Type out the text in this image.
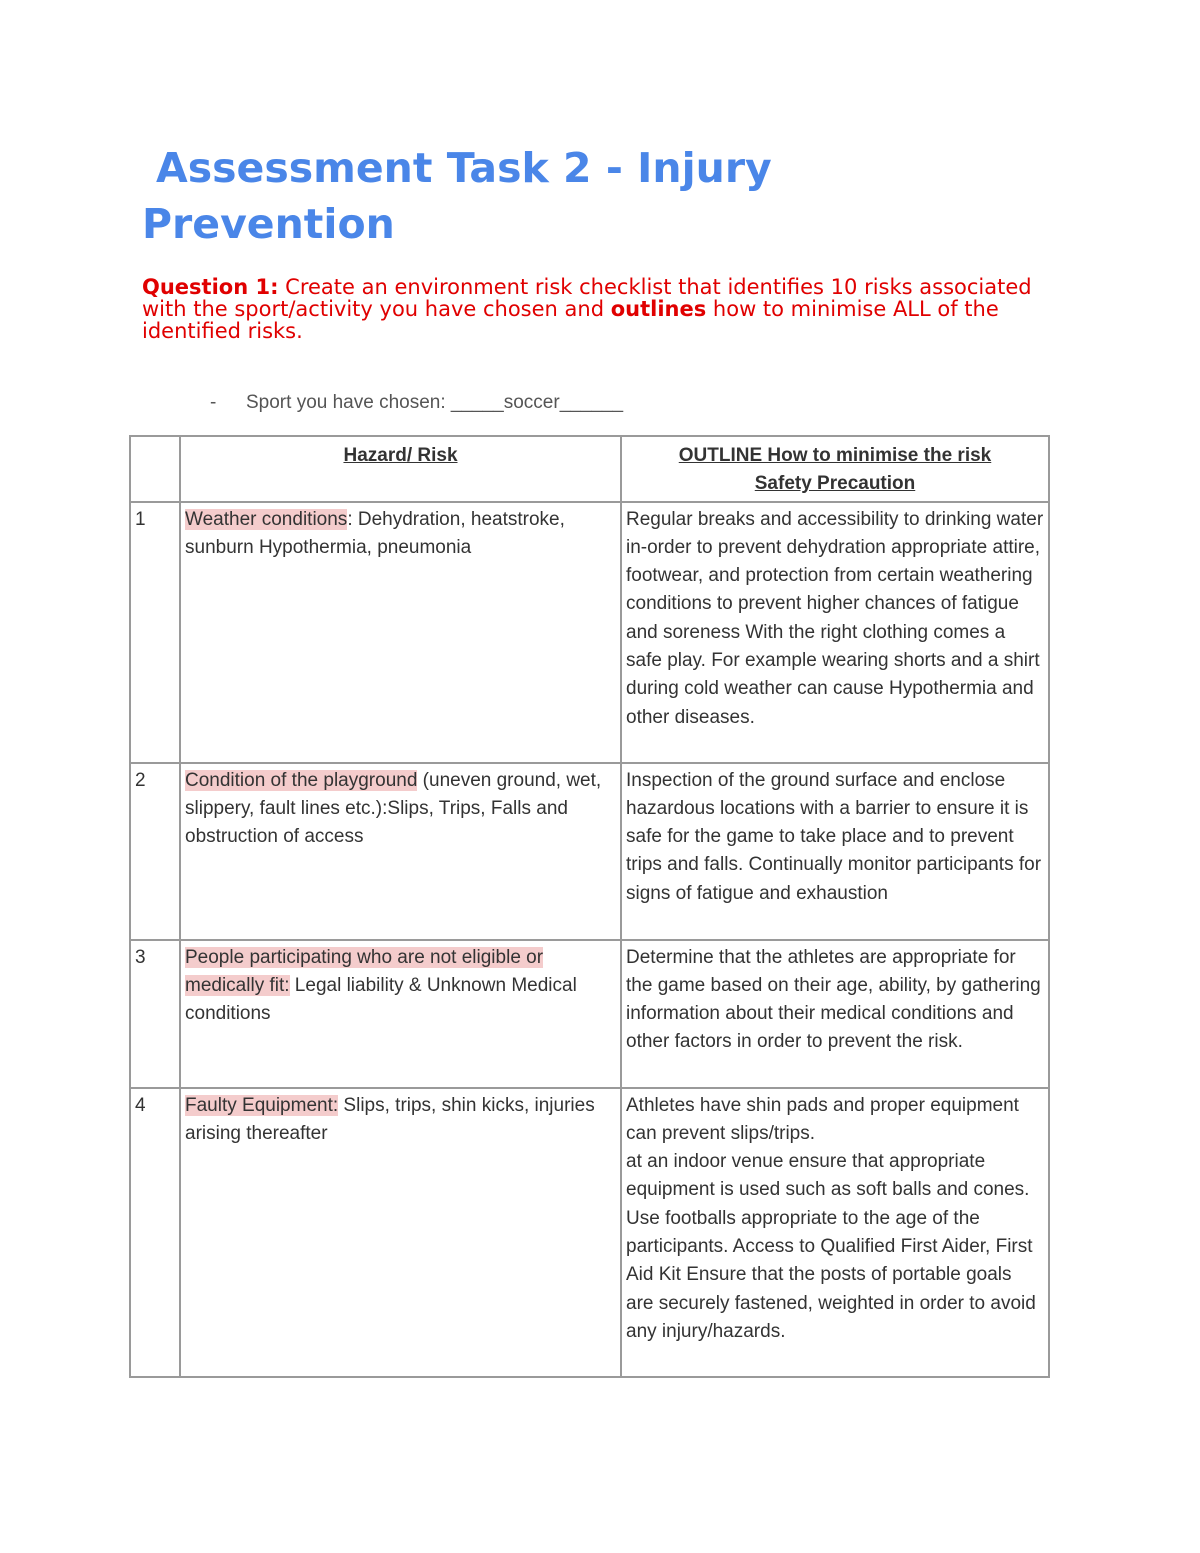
Assessment Task 2 - Injury
Prevention

Question 1: Create an environment risk checklist that identifies 10 risks associated with the sport/activity you have chosen and outlines how to minimise ALL of the identified risks.

- Sport you have chosen: _____soccer______
	Hazard/ Risk	OUTLINE How to minimise the risk
Safety Precaution
1	Weather conditions: Dehydration, heatstroke, sunburn Hypothermia, pneumonia	Regular breaks and accessibility to drinking water in-order to prevent dehydration appropriate attire, footwear, and protection from certain weathering conditions to prevent higher chances of fatigue and soreness With the right clothing comes a safe play. For example wearing shorts and a shirt during cold weather can cause Hypothermia and other diseases.
2	Condition of the playground (uneven ground, wet, slippery, fault lines etc.):Slips, Trips, Falls and obstruction of access	Inspection of the ground surface and enclose hazardous locations with a barrier to ensure it is safe for the game to take place and to prevent trips and falls. Continually monitor participants for signs of fatigue and exhaustion
3	People participating who are not eligible or medically fit: Legal liability & Unknown Medical conditions	Determine that the athletes are appropriate for the game based on their age, ability, by gathering information about their medical conditions and other factors in order to prevent the risk.
4	Faulty Equipment: Slips, trips, shin kicks, injuries arising thereafter	Athletes have shin pads and proper equipment can prevent slips/trips.
at an indoor venue ensure that appropriate equipment is used such as soft balls and cones. Use footballs appropriate to the age of the participants. Access to Qualified First Aider, First Aid Kit Ensure that the posts of portable goals are securely fastened, weighted in order to avoid any injury/hazards.
